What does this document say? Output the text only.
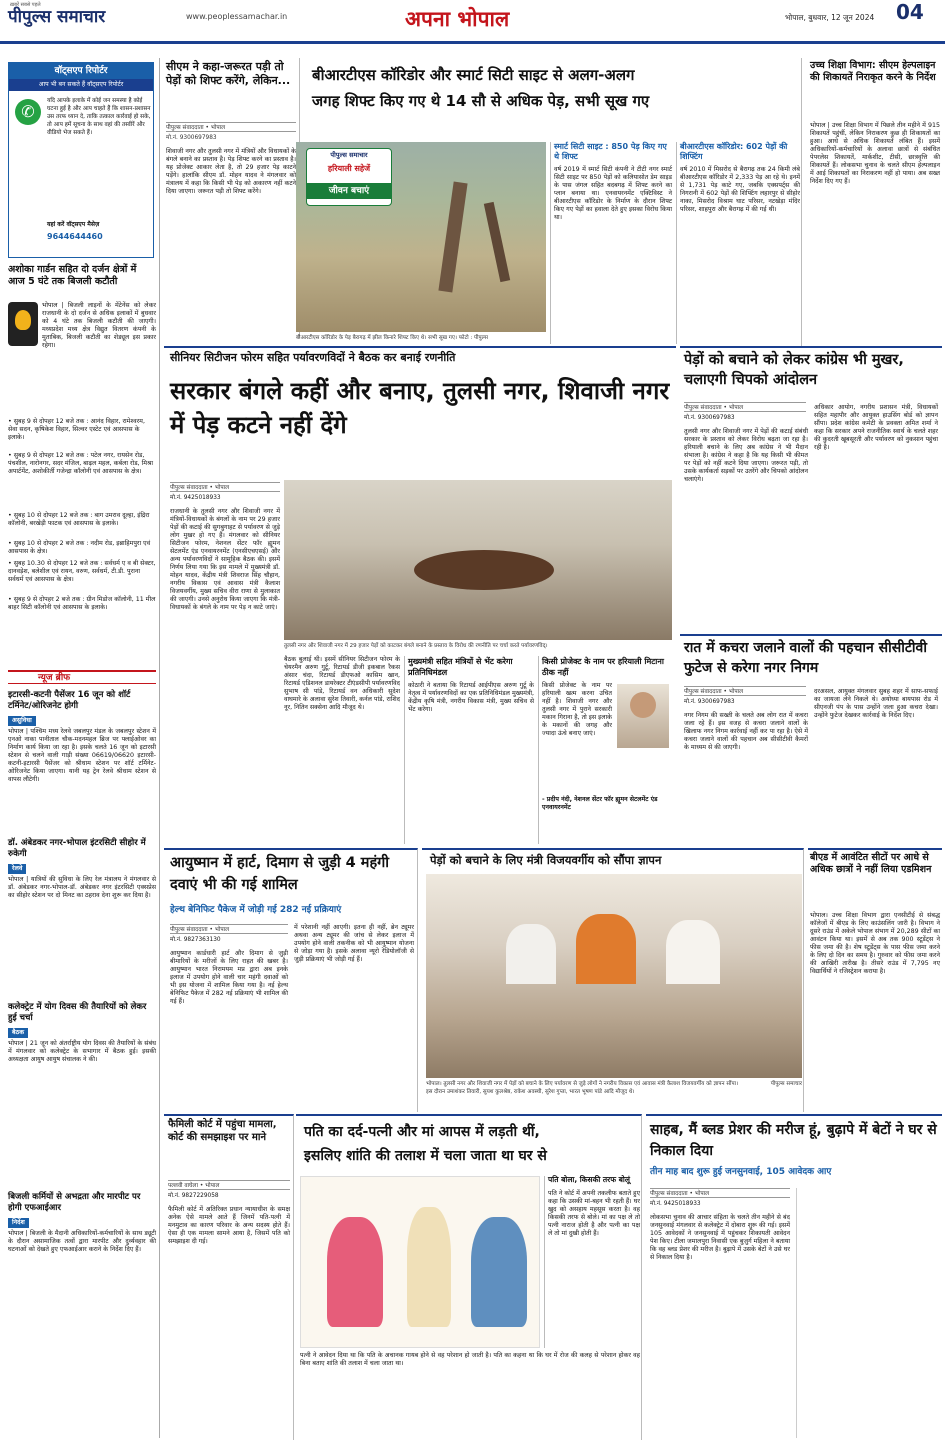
ख़बरें सबसे पहले
पीपुल्स समाचार	www.peoplessamachar.in	अपना भोपाल	भोपाल, बुधवार, 12 जून 2024 04
वॉट्सएप रिपोर्टर
आप भी बन सकते हैं वॉट्सएप रिपोर्टर
✆
यदि आपके इलाके में कोई जन समस्या है कोई घटना हुई है और आप चाहते हैं कि शासन-प्रशासन उस तरफ ध्यान दे, ताकि तत्काल कार्रवाई हो सके, तो आप हमें सूचना के साथ वहां की तस्वीरें और वीडियो भेज सकते हैं।
यहां करें वॉट्सएप मैसेज़
9644644460
अशोका गार्डन सहित दो दर्जन क्षेत्रों में आज 5 घंटे तक बिजली कटौती

भोपाल | बिजली लाइनों के मेंटेनेंस को लेकर राजधानी के दो दर्जन से अधिक इलाकों में बुधवार को 4 घंटे तक बिजली कटौती की जाएगी। मध्यप्रदेश मध्य क्षेत्र विद्युत वितरण कंपनी के मुताबिक, बिजली कटौती का शेड्यूल इस प्रकार रहेगा।

• सुबह 9 से दोपहर 12 बजे तक : आनंद विहार, रामेश्वरम, सेवा सदन, कृषिकेश विहार, सिल्वर एस्टेट एवं आसपास के इलाके।
• सुबह 9 से दोपहर 12 बजे तक : पटेल नगर, रायसेन रोड, पंचशील, नारोनगर, सदर मंजिल, बाढ़ल महल, कर्बला रोड, मिश्रा अपार्टमेंट, अशोकीर्ती गजेन्द्रा कॉलोनी एवं आसपास के क्षेत्र।
• सुबह 10 से दोपहर 12 बजे तक : बाग उमराव दूल्हा, इंद्रिरा कॉलोनी, बरखेड़ी फाटक एवं आसपास के इलाके।
• सुबह 10 से दोपहर 2 बजे तक : नदीम रोड, इब्राहिमपुरा एवं आसपास के क्षेत्र।
• सुबह 10.30 से दोपहर 12 बजे तक : सर्वधर्म ए व बी सेक्टर, दानवड़ेश, बलेशील एवं रायन, वरुण, सर्वधर्म, टी.डी. पुराना सर्वधर्म एवं आसपास के क्षेत्र।
• सुबह 9 से दोपहर 2 बजे तक : ग्रीन मिडोज कॉलोनी, 11 मील बाहर सिटी कॉलोनी एवं आसपास के इलाके।
न्यूज ब्रीफ
इटारसी-कटनी पैसेंजर 16 जून को शॉर्ट टर्मिनेट/ओरिजनेट होगी
असुविधा

भोपाल | पश्चिम मध्य रेलवे जबलपुर मंडल के जबलपुर स्टेशन में एनओ नाका पानीताल चौक-मदनमहल ब्रिज पर फ्लाईओवर का निर्माण कार्य किया जा रहा है। इसके चलते 16 जून को इटारसी स्टेशन से चलने वाली गाड़ी संख्या 06619/06620 इटारसी-कटनी-इटारसी पैसेंजर को श्रीधाम स्टेशन पर शॉर्ट टर्मिनेट-ओरिजनेट किया जाएगा। यानी यह ट्रेन रेलवे श्रीधाम स्टेशन से वापस लौटेगी।

डॉ. अंबेडकर नगर-भोपाल इंटरसिटी सीहोर में रुकेगी
रेलवे

भोपाल | यात्रियों की सुविधा के लिए रेल मंत्रालय ने मंगलवार से डॉ. अंबेडकर नगर-भोपाल-डॉ. अंबेडकर नगर इंटरसिटी एक्सप्रेस का सीहोर स्टेशन पर दो मिनट का ठहराव देना शुरू कर दिया है।

कलेक्ट्रेट में योग दिवस की तैयारियों को लेकर हुई चर्चा
बैठक

भोपाल | 21 जून को अंतर्राष्ट्रीय योग दिवस की तैयारियों के संबंध में मंगलवार को कलेक्ट्रेट के सभागार में बैठक हुई। इसकी अध्यक्षता आयुष आयुष संचालक ने की।

बिजली कर्मियों से अभद्रता और मारपीट पर होगी एफआईआर
निर्देश

भोपाल | बिजली के मैदानी अधिकारियों-कर्मचारियों के साथ ड्यूटी के दौरान असामाजिक तत्वों द्वारा मारपीट और दुर्व्यवहार की घटनाओं को देखते हुए एफआईआर कराने के निर्देश दिए हैं।

सीएम ने कहा-जरूरत पड़ी तो पेड़ों को शिफ्ट करेंगे, लेकिन...
पीपुल्स संवाददाता • भोपाल
मो.नं. 9300697983

शिवाजी नगर और तुलसी नगर में मंत्रियों और विधायकों के बंगले बनाने का प्रस्ताव है। पेड़ शिफ्ट करने का प्रस्ताव है। यह प्रोजेक्ट आकार लेता है, तो 29 हजार पेड़ काटने पड़ेंगे। हालांकि सीएम डॉ. मोहन यादव ने मंगलवार को मंत्रालय में कहा कि किसी भी पेड़ को अकारण नहीं कटने दिया जाएगा। जरूरत पड़ी तो शिफ्ट करेंगे।

बीआरटीएस कॉरिडोर और स्मार्ट सिटी साइट से अलग-अलग
जगह शिफ्ट किए गए थे 14 सौ से अधिक पेड़, सभी सूख गए
पीपुल्स समाचार
हरियाली सहेजें
जीवन बचाएं
बीआरटीएस कॉरिडोर के पेड़ बैरागढ़ में झील किनारे शिफ्ट किए थे। सभी सूख गए। फोटो : पीपुल्स
स्मार्ट सिटी साइट : 850 पेड़ किए गए थे शिफ्ट

वर्ष 2019 में स्मार्ट सिटी कंपनी ने टीटी नगर स्मार्ट सिटी साइट पर 850 पेड़ों को कलियासोत डेम साइड के पास जंगल सहित बदबगढ़ में शिफ्ट करने का प्लान बनाया था। एनवायरनमेंट एक्टिविस्ट ने बीआरटीएस कॉरिडोर के निर्माण के दौरान शिफ्ट किए गए पेड़ों का हवाला देते हुए इसका विरोध किया था।

बीआरटीएस कॉरिडोर: 602 पेड़ों की शिफ्टिंग

वर्ष 2010 में मिसरोद से बैरागढ़ तक 24 किमी लंबे बीआरटीएस कॉरिडोर में 2,333 पेड़ आ रहे थे। इनमें से 1,731 पेड़ काटे गए, जबकि एक्सपर्ट्स की निगरानी में 602 पेड़ों की शिफ्टिंग लहारपुर से सीहोर नाका, मिसरोद विश्राम घाट परिसर, नटखेड़ा मंदिर परिसर, शाहपुरा और बैरागढ़ में की गई थी।

उच्च शिक्षा विभाग: सीएम हेल्पलाइन की शिकायतें निराकृत करने के निर्देश

भोपाल | उच्च शिक्षा विभाग में पिछले तीन महीने में 915 शिकायतें पहुंचीं, लेकिन निराकरण कुछ ही शिकायतों का हुआ। आधे से अधिक शिकायतें लंबित हैं। इसमें अधिकारियों-कर्मचारियों के अलावा छात्रों से संबंधित पेपरलेस शिकायतें, मार्कशीट, टीसी, छात्रवृत्ति की शिकायतें हैं। लोकसभा चुनाव के चलते सीएम हेल्पलाइन में आई शिकायतों का निराकरण नहीं हो पाया। अब सख्त निर्देश दिए गए हैं।

सीनियर सिटीजन फोरम सहित पर्यावरणविदों ने बैठक कर बनाई रणनीति
सरकार बंगले कहीं और बनाए, तुलसी नगर, शिवाजी नगर में पेड़ कटने नहीं देंगे
पीपुल्स संवाददाता • भोपाल
मो.नं. 9425018933

राजधानी के तुलसी नगर और शिवाजी नगर में मंत्रियों-विधायकों के बंगलों के नाम पर 29 हजार पेड़ों की कटाई की सुगबुगाहट से पर्यावरण से जुड़े लोग मुखर हो गए हैं। मंगलवार को सीनियर सिटीजन फोरम, नेशनल सेंटर फॉर ह्यूमन सेटलमेंट एंड एनवायरनमेंट (एनसीएचएसई) और अन्य पर्यावरणविदों ने सामूहिक बैठक की। इसमें निर्णय लिया गया कि इस मामले में मुख्यमंत्री डॉ. मोहन यादव, केंद्रीय मंत्री शिवराज सिंह चौहान, नगरीय विकास एवं आवास मंत्री कैलाश विजयवर्गीय, मुख्य सचिव वीरा राणा से मुलाकात की जाएगी। उनसे अनुरोध किया जाएगा कि मंत्री-विधायकों के बंगले के नाम पर पेड़ न काटे जाएं।

तुलसी नगर और शिवाजी नगर में 29 हजार पेड़ों को काटकर बंगले बनाने के प्रस्ताव के विरोध की रणनीति पर चर्चा करते पर्यावरणविद्।

बैठक बुलाई थी। इसमें सीनियर सिटीजन फोरम के चेयरमैन अरुण गुर्टू, रिटायर्ड डीजी इकबाल रैकस अंसार चंदा, रिटायर्ड डीएफओ कासिम खान, रिटायर्ड एडिशनल डायरेक्टर टीएंडसीपी पर्यावरणविद सुभाष सी पांडे, रिटायर्ड वन अधिकारी सुदेश वाघमारे के अलावा सुरेश तिवारी, कर्नल पांडे, राशिद नूर, नितिन सक्सेना आदि मौजूद थे।

मुख्यमंत्री सहित मंत्रियों से भेंट करेगा प्रतिनिधिमंडल

कोठारी ने बताया कि रिटायर्ड आईपीएस अरुण गुर्टू के नेतृत्व में पर्यावरणविदों का एक प्रतिनिधिमंडल मुख्यमंत्री, केंद्रीय कृषि मंत्री, नगरीय विकास मंत्री, मुख्य सचिव से भेंट करेगा।

किसी प्रोजेक्ट के नाम पर हरियाली मिटाना ठीक नहीं

किसी प्रोजेक्ट के नाम पर हरियाली खत्म करना उचित नहीं है। शिवाजी नगर और तुलसी नगर में पुराने सरकारी मकान गिराना है, तो इस इलाके के मकानों की जगह और ज्यादा ऊंचे बनाए जाएं।

- प्रदीप नंदी, नेशनल सेंटर फॉर ह्यूमन सेटलमेंट एंड एनवायरनमेंट
पेड़ों को बचाने को लेकर कांग्रेस भी मुखर, चलाएगी चिपको आंदोलन
पीपुल्स संवाददाता • भोपाल
मो.नं. 9300697983

तुलसी नगर और शिवाजी नगर में पेड़ों की कटाई संबंधी सरकार के प्रस्ताव को लेकर विरोध बढ़ता जा रहा है। हरियाली बचाने के लिए अब कांग्रेस ने भी मैदान संभाला है। कांग्रेस ने कहा है कि यह किसी भी कीमत पर पेड़ों को नहीं कटने दिया जाएगा। जरूरत पड़ी, तो उसके कार्यकर्ता सड़कों पर उतरेंगे और चिपको आंदोलन चलाएंगे।

अधिकार आयोग, नगरीय प्रशासन मंत्री, विधायकों सहित महापौर और आयुक्त हाउसिंग बोर्ड को ज्ञापन सौंपा। प्रदेश कांग्रेस कमेटी के प्रवक्ता अमित शर्मा ने कहा कि सरकार अपने राजनीतिक स्वार्थ के चलते शहर की कुदरती खूबसूरती और पर्यावरण को नुकसान पहुंचा रही है।

रात में कचरा जलाने वालों की पहचान सीसीटीवी फुटेज से करेगा नगर निगम
पीपुल्स संवाददाता • भोपाल
मो.नं. 9300697983

नगर निगम की सख्ती के चलते अब लोग रात में कचरा जला रहे हैं। इस वजह से कचरा जलाने वालों के खिलाफ नगर निगम कार्रवाई नहीं कर पा रहा है। ऐसे में कचरा जलाने वालों की पहचान अब सीसीटीवी कैमरों के माध्यम से की जाएगी।

दरअसल, आयुक्त मंगलवार सुबह शहर में साफ-सफाई का जायजा लेने निकले थे। अयोध्या बायपास रोड में सीएनजी पंप के पास उन्होंने जला हुआ कचरा देखा। उन्होंने फुटेज देखकर कार्रवाई के निर्देश दिए।

आयुष्मान में हार्ट, दिमाग से जुड़ी 4 महंगी दवाएं भी की गई शामिल
हेल्थ बेनिफिट पैकेज में जोड़ी गई 282 नई प्रक्रियाएं
पीपुल्स संवाददाता • भोपाल
मो.नं. 9827363130

आयुष्मान कार्डधारी हार्ट और दिमाग से जुड़ी बीमारियों के मरीजों के लिए राहत की खबर है। आयुष्मान भारत निरामयम मप्र द्वारा अब इनके इलाज में उपयोग होने वाली चार महंगी दवाओं को भी इस योजना में शामिल किया गया है। नई हेल्थ बेनिफिट पैकेज में 282 नई प्रक्रियाएं भी शामिल की गई हैं।

में परेशानी नहीं आएगी। इतना ही नहीं, ब्रेन ट्यूमर अथवा अन्य ट्यूमर की जांच से लेकर इलाज में उपयोग होने वाली तकनीक को भी आयुष्मान योजना से जोड़ा गया है। इसके अलावा न्यूरो रेडियोलॉजी से जुड़ी प्रक्रियाएं भी जोड़ी गई हैं।

पेड़ों को बचाने के लिए मंत्री विजयवर्गीय को सौंपा ज्ञापन
भोपाल। तुलसी नगर और शिवाजी नगर में पेड़ों को बचाने के लिए पर्यावरण से जुड़े लोगों ने नगरीय विकास एवं आवास मंत्री कैलाश विजयवर्गीय को ज्ञापन सौंपा। इस दौरान उमाशंकर तिवारी, सुयश कुलश्रेष्ठ, राकेश अवस्थी, सुरेश गुप्ता, भारत भूषण पांडे आदि मौजूद थे।
पीपुल्स समाचार
बीएड में आवंटित सीटों पर आधे से अधिक छात्रों ने नहीं लिया एडमिशन

भोपाल। उच्च शिक्षा विभाग द्वारा एनसीटीई से संबद्ध कॉलेजों में बीएड के लिए काउंसलिंग जारी है। विभाग ने दूसरे राउंड में अकेले भोपाल संभाग में 20,289 सीटों का आवंटन किया था। इसमें से अब तक 900 स्टूडेंट्स ने फीस जमा की है। शेष स्टूडेंट्स के पास फीस जमा करने के लिए दो दिन का समय है। गुरुवार को फीस जमा करने की आखिरी तारीख है। तीसरे राउंड में 7,795 नए विद्यार्थियों ने रजिस्ट्रेशन कराया है।

फैमिली कोर्ट में पहुंचा मामला, कोर्ट की समझाइश पर माने
पल्लवी वाघेला • भोपाल
मो.नं. 9827229058

फैमिली कोर्ट में अतिरिक्त प्रधान न्यायाधीश के समक्ष अनेक ऐसे मामले आते हैं जिनमें पति-पत्नी में मनमुटाव का कारण परिवार के अन्य सदस्य होते हैं। ऐसा ही एक मामला सामने आया है, जिसमें पति को समझाइश दी गई।

पति का दर्द-पत्नी और मां आपस में लड़ती थीं,
इसलिए शांति की तलाश में चला जाता था घर से
पति बोला, किसकी तरफ बोलूं

पति ने कोर्ट में अपनी तकलीफ बताते हुए कहा कि उसकी मां-बहन भी रहती हैं। घर खुद को असहाय महसूस करता है। वह किसकी तरफ से बोले। मां का पक्ष ले तो पत्नी नाराज होती है और पत्नी का पक्ष ले तो मां दुखी होती हैं।

पत्नी ने आवेदन दिया था कि पति के अचानक गायब होने से वह परेशान हो जाती है। पति का कहना था कि घर में रोज की कलह से परेशान होकर वह बिना बताए शांति की तलाश में चला जाता था।

साहब, मैं ब्लड प्रेशर की मरीज हूं, बुढ़ापे में बेटों ने घर से निकाल दिया
तीन माह बाद शुरू हुई जनसुनवाई, 105 आवेदक आए
पीपुल्स संवाददाता • भोपाल
मो.नं. 9425018933

लोकसभा चुनाव की आचार संहिता के चलते तीन महीने से बंद जनसुनवाई मंगलवार से कलेक्ट्रेट में दोबारा शुरू की गई। इसमें 105 आवेदकों ने जनसुनवाई में पहुंचकर शिकायती आवेदन पेश किए। टीला जमालपुरा निवासी एक बुजुर्ग महिला ने बताया कि वह ब्लड प्रेशर की मरीज है। बुढ़ापे में उसके बेटों ने उसे घर से निकाल दिया है।
